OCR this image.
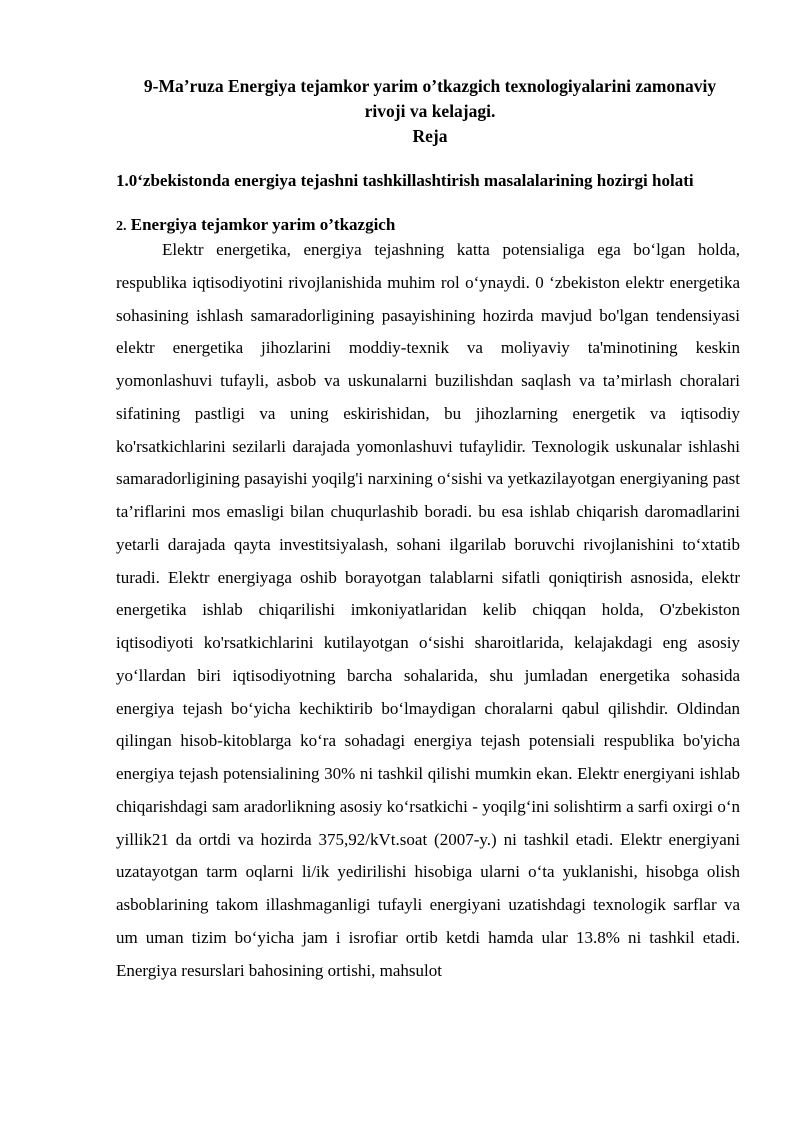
9-Ma’ruza Energiya tejamkor yarim o’tkazgich texnologiyalarini zamonaviy
rivoji va kelajagi.
Reja
1.0‘zbekistonda energiya tejashni tashkillashtirish masalalarining hozirgi holati
2. Energiya tejamkor yarim o’tkazgich

Elektr energetika, energiya tejashning katta potensialiga ega bo‘lgan holda, respublika iqtisodiyotini rivojlanishida muhim rol o‘ynaydi. 0 ‘zbekiston elektr energetika sohasining ishlash samaradorligining pasayishining hozirda mavjud bo'lgan tendensiyasi elektr energetika jihozlarini moddiy-texnik va moliyaviy ta'minotining keskin yomonlashuvi tufayli, asbob va uskunalarni buzilishdan saqlash va ta’mirlash choralari sifatining pastligi va uning eskirishidan, bu jihozlarning energetik va iqtisodiy ko'rsatkichlarini sezilarli darajada yomonlashuvi tufaylidir. Texnologik uskunalar ishlashi samaradorligining pasayishi yoqilg'i narxining o‘sishi va yetkazilayotgan energiyaning past ta’riflarini mos emasligi bilan chuqurlashib boradi. bu esa ishlab chiqarish daromadlarini yetarli darajada qayta investitsiyalash, sohani ilgarilab boruvchi rivojlanishini to‘xtatib turadi. Elektr energiyaga oshib borayotgan talablarni sifatli qoniqtirish asnosida, elektr energetika ishlab chiqarilishi imkoniyatlaridan kelib chiqqan holda, O'zbekiston iqtisodiyoti ko'rsatkichlarini kutilayotgan o‘sishi sharoitlarida, kelajakdagi eng asosiy yo‘llardan biri iqtisodiyotning barcha sohalarida, shu jumladan energetika sohasida energiya tejash bo‘yicha kechiktirib bo‘lmaydigan choralarni qabul qilishdir. Oldindan qilingan hisob-kitoblarga ko‘ra sohadagi energiya tejash potensiali respublika bo'yicha energiya tejash potensialining 30% ni tashkil qilishi mumkin ekan. Elektr energiyani ishlab chiqarishdagi sam aradorlikning asosiy ko‘rsatkichi - yoqilg‘ini solishtirm a sarfi oxirgi o‘n yillik21 da ortdi va hozirda 375,92/kVt.soat (2007-y.) ni tashkil etadi. Elektr energiyani uzatayotgan tarm oqlarni li/ik yedirilishi hisobiga ularni o‘ta yuklanishi, hisobga olish asboblarining takom illashmaganligi tufayli energiyani uzatishdagi texnologik sarflar va um uman tizim bo‘yicha jam i isrofiar ortib ketdi hamda ular 13.8% ni tashkil etadi. Energiya resurslari bahosining ortishi, mahsulot
